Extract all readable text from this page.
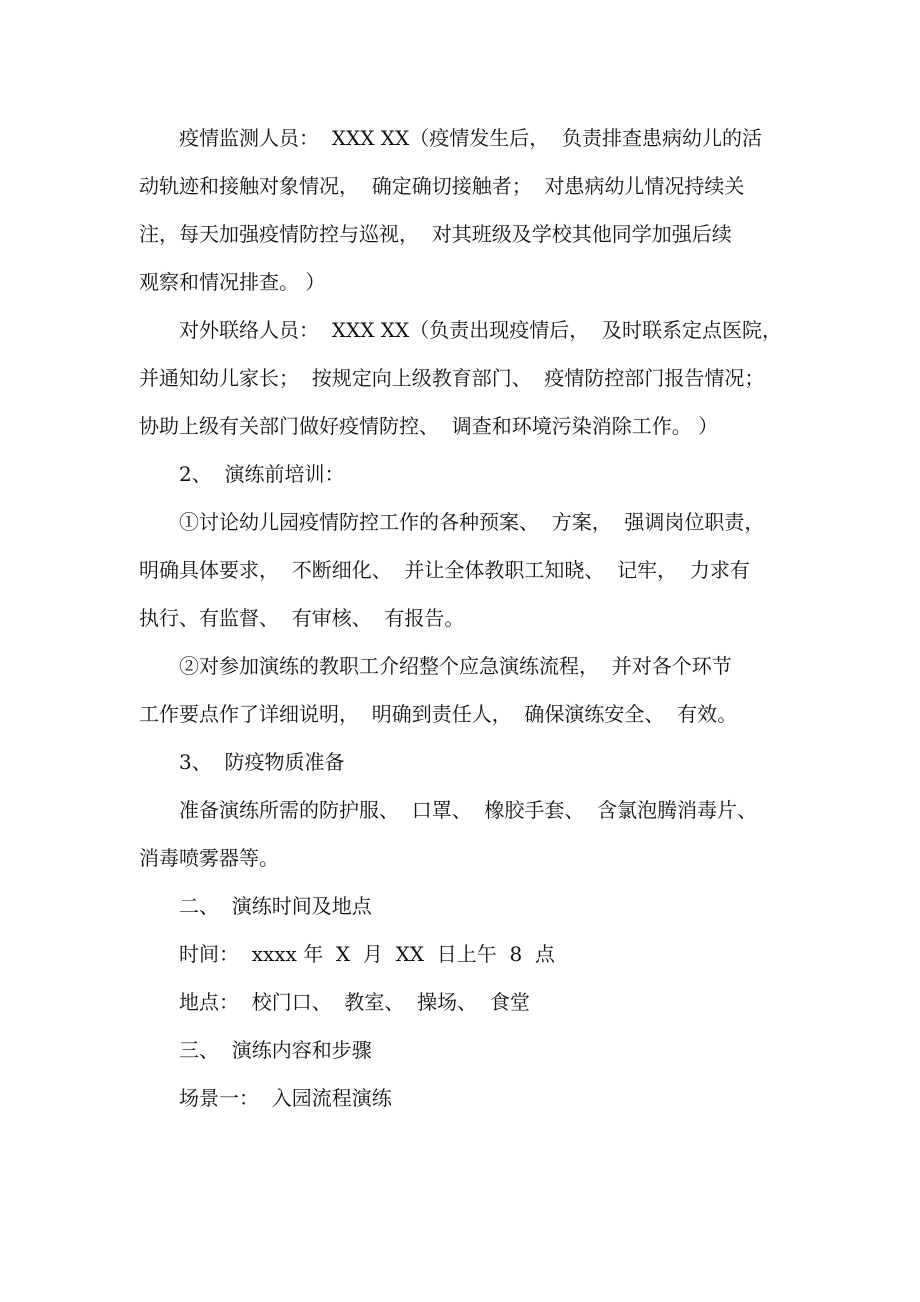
疫情监测人员：  XXX XX（疫情发生后，  负责排查患病幼儿的活
动轨迹和接触对象情况，  确定确切接触者；  对患病幼儿情况持续关
注，每天加强疫情防控与巡视，  对其班级及学校其他同学加强后续
观察和情况排查。 ）
对外联络人员：  XXX XX（负责出现疫情后，  及时联系定点医院，
并通知幼儿家长；  按规定向上级教育部门、  疫情防控部门报告情况；
协助上级有关部门做好疫情防控、  调查和环境污染消除工作。 ）
2、  演练前培训：
①讨论幼儿园疫情防控工作的各种预案、  方案，  强调岗位职责，
明确具体要求，  不断细化、  并让全体教职工知晓、  记牢，  力求有
执行、有监督、  有审核、  有报告。
②对参加演练的教职工介绍整个应急演练流程，  并对各个环节
工作要点作了详细说明，  明确到责任人，  确保演练安全、  有效。
3、  防疫物质准备
准备演练所需的防护服、  口罩、  橡胶手套、  含氯泡腾消毒片、
消毒喷雾器等。
二、  演练时间及地点
时间：  xxxx 年  X  月  XX  日上午  8  点
地点：  校门口、  教室、  操场、  食堂
三、  演练内容和步骤
场景一：  入园流程演练
